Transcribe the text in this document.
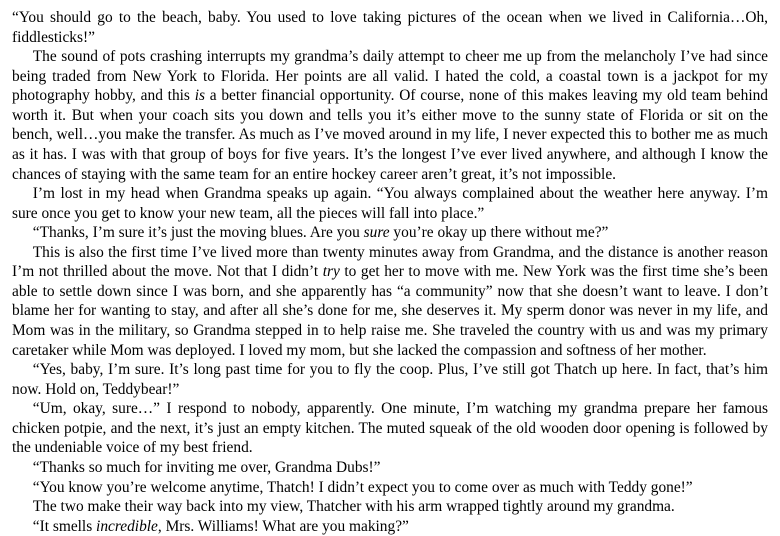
“You should go to the beach, baby. You used to love taking pictures of the ocean when we lived in California…Oh, fiddlesticks!”

The sound of pots crashing interrupts my grandma’s daily attempt to cheer me up from the melancholy I’ve had since being traded from New York to Florida. Her points are all valid. I hated the cold, a coastal town is a jackpot for my photography hobby, and this is a better financial opportunity. Of course, none of this makes leaving my old team behind worth it. But when your coach sits you down and tells you it’s either move to the sunny state of Florida or sit on the bench, well…you make the transfer. As much as I’ve moved around in my life, I never expected this to bother me as much as it has. I was with that group of boys for five years. It’s the longest I’ve ever lived anywhere, and although I know the chances of staying with the same team for an entire hockey career aren’t great, it’s not impossible.

I’m lost in my head when Grandma speaks up again. “You always complained about the weather here anyway. I’m sure once you get to know your new team, all the pieces will fall into place.”

“Thanks, I’m sure it’s just the moving blues. Are you sure you’re okay up there without me?”

This is also the first time I’ve lived more than twenty minutes away from Grandma, and the distance is another reason I’m not thrilled about the move. Not that I didn’t try to get her to move with me. New York was the first time she’s been able to settle down since I was born, and she apparently has “a community” now that she doesn’t want to leave. I don’t blame her for wanting to stay, and after all she’s done for me, she deserves it. My sperm donor was never in my life, and Mom was in the military, so Grandma stepped in to help raise me. She traveled the country with us and was my primary caretaker while Mom was deployed. I loved my mom, but she lacked the compassion and softness of her mother.

“Yes, baby, I’m sure. It’s long past time for you to fly the coop. Plus, I’ve still got Thatch up here. In fact, that’s him now. Hold on, Teddybear!”

“Um, okay, sure…” I respond to nobody, apparently. One minute, I’m watching my grandma prepare her famous chicken potpie, and the next, it’s just an empty kitchen. The muted squeak of the old wooden door opening is followed by the undeniable voice of my best friend.

“Thanks so much for inviting me over, Grandma Dubs!”

“You know you’re welcome anytime, Thatch! I didn’t expect you to come over as much with Teddy gone!”

The two make their way back into my view, Thatcher with his arm wrapped tightly around my grandma.

“It smells incredible, Mrs. Williams! What are you making?”
